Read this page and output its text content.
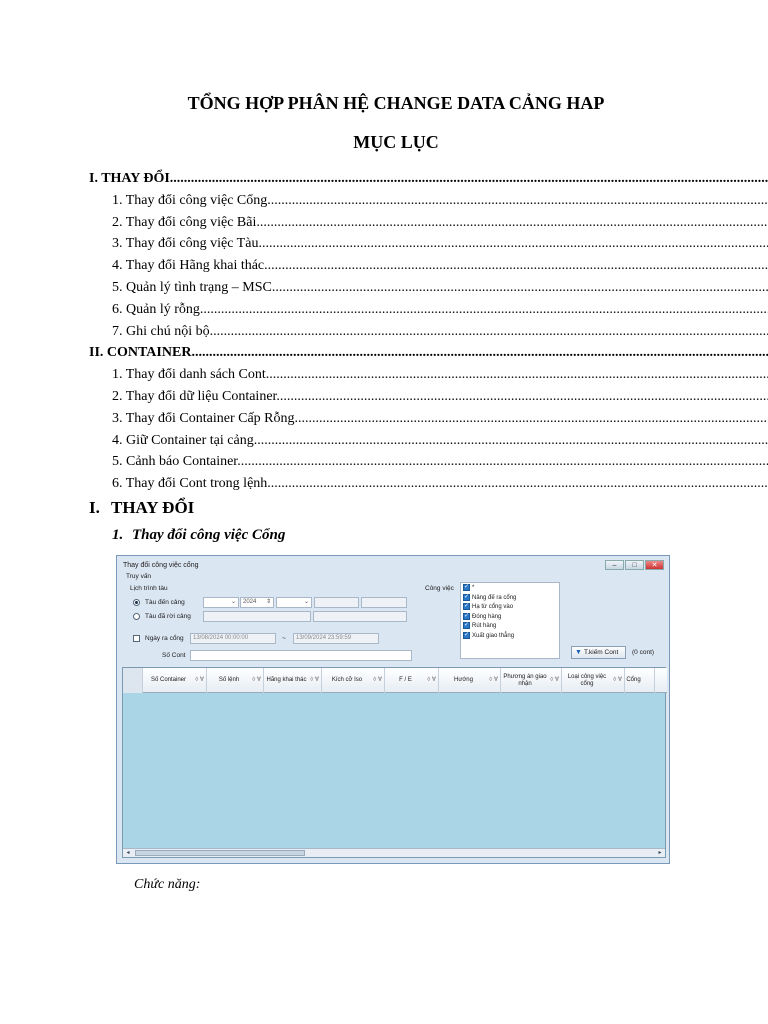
TỔNG HỢP PHÂN HỆ CHANGE DATA CẢNG HAP
MỤC LỤC
I. THAY ĐỔI .....
1. Thay đổi công việc Cổng .....
2. Thay đổi công việc Bãi .....
3. Thay đổi công việc Tàu .....
4. Thay đổi Hãng khai thác .....
5. Quản lý tình trạng – MSC .....
6. Quản lý rỗng .....
7. Ghi chú nội bộ .....
II. CONTAINER .....
1. Thay đổi danh sách Cont .....
2. Thay đổi dữ liệu Container .....
3. Thay đổi Container Cấp Rỗng .....
4. Giữ Container tại cảng .....
5. Cảnh báo Container .....
6. Thay đổi Cont trong lệnh .....
I. THAY ĐỔI
1. Thay đổi công việc Cổng
Thay đổi công việc cổng	–	□	✕
Truy vấn
Lịch trình tàu
Tàu đến cảng
Tàu đã rời cảng
⌄	2024 ⇕	⌄
Ngày ra cổng	13/08/2024 00:00:00	~	13/09/2024 23:59:59
Số Cont
Công việc
✓	*
✓Nâng đế ra cổng
✓Hạ từ cổng vào
✓Đóng hàng
✓Rút hàng
✓Xuất giao thẳng
▼ T.kiếm Cont	(0 cont)
Số Container ◊ ∀ Số lệnh ◊ ∀ Hãng khai thác ◊ ∀ Kích cỡ Iso ◊ ∀	F / E	◊ ∀	Hướng	◊ ∀
Phương án giao nhận
◊ ∀
Loại công việc cổng
◊ ∀ Cổng
◂	▸
Chức năng:
